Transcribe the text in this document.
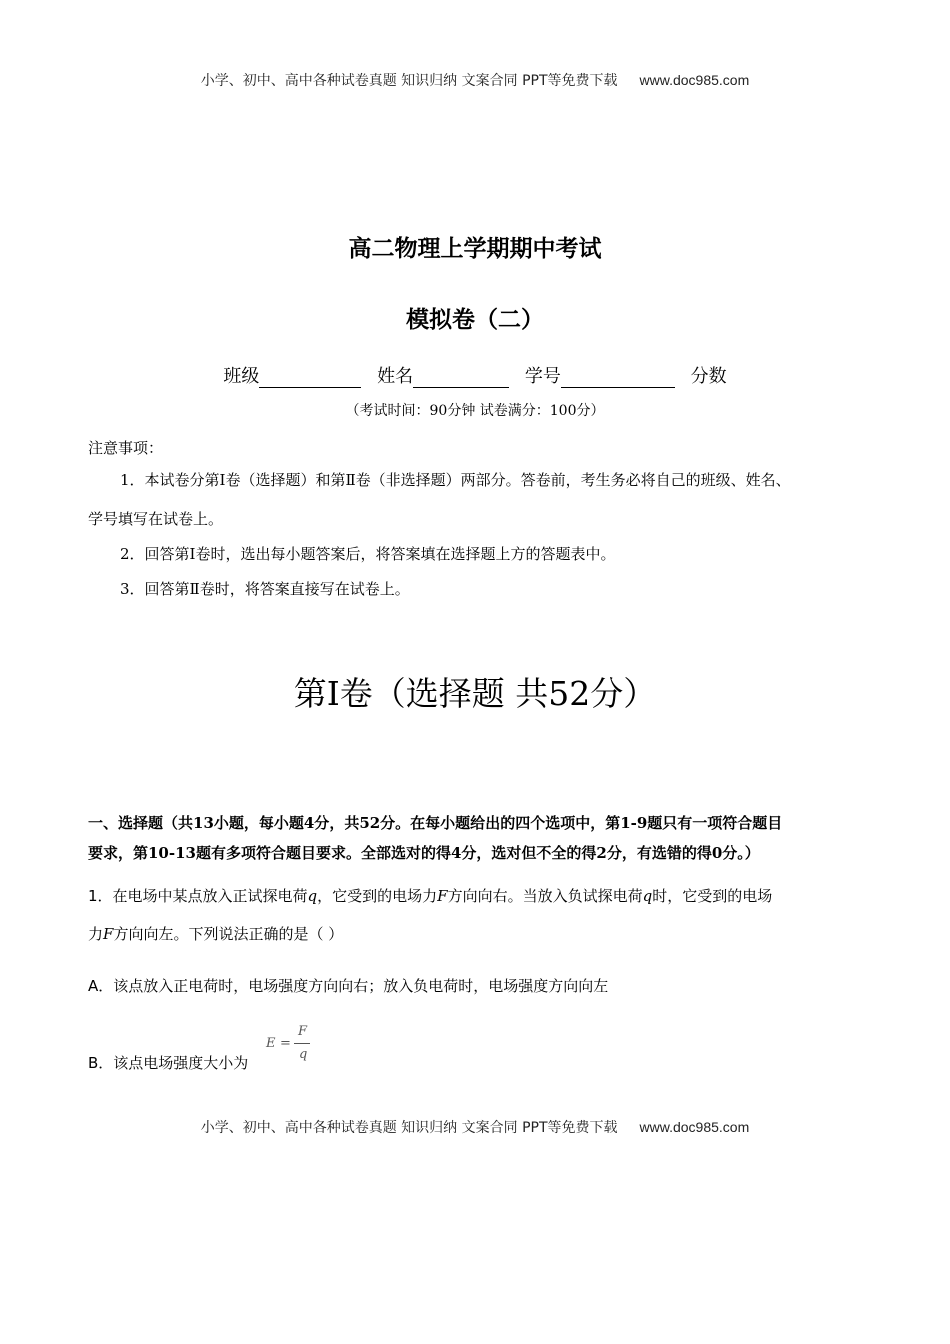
小学、初中、高中各种试卷真题 知识归纳 文案合同 PPT等免费下载 www.doc985.com
高二物理上学期期中考试
模拟卷（二）
班级	姓名	学号	分数
（考试时间：90分钟 试卷满分：100分）
注意事项：
1．本试卷分第Ⅰ卷（选择题）和第Ⅱ卷（非选择题）两部分。答卷前，考生务必将自己的班级、姓名、
学号填写在试卷上。
2．回答第Ⅰ卷时，选出每小题答案后，将答案填在选择题上方的答题表中。
3．回答第Ⅱ卷时，将答案直接写在试卷上。
第Ⅰ卷（选择题 共52分）
一、选择题（共13小题，每小题4分，共52分。在每小题给出的四个选项中，第1-9题只有一项符合题目
要求，第10-13题有多项符合题目要求。全部选对的得4分，选对但不全的得2分，有选错的得0分。）
1．在电场中某点放入正试探电荷q，它受到的电场力F方向向右。当放入负试探电荷q时，它受到的电场
力F方向向左。下列说法正确的是（ ）
A．该点放入正电荷时，电场强度方向向右；放入负电荷时，电场强度方向向左
B．该点电场强度大小为
E =
F
q
小学、初中、高中各种试卷真题 知识归纳 文案合同 PPT等免费下载 www.doc985.com
